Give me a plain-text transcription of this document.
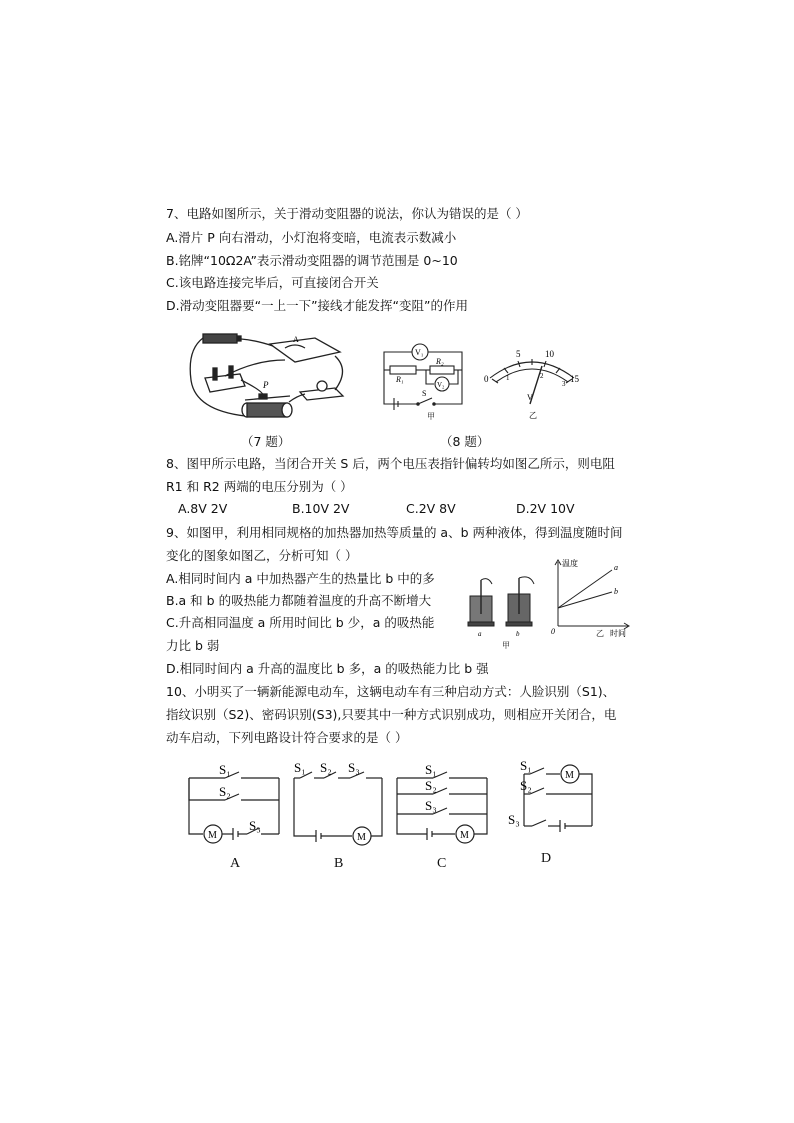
7、电路如图所示，关于滑动变阻器的说法，你认为错误的是（ ）
A.滑片 P 向右滑动，小灯泡将变暗，电流表示数减小
B.铭牌“10Ω2A”表示滑动变阻器的调节范围是 0~10
C.该电路连接完毕后，可直接闭合开关
D.滑动变阻器要“一上一下”接线才能发挥“变阻”的作用
A
P
（7 题）
V₁
R₂
R₁
V₂
S
甲
5	10
0	15
1	2
3
V
乙
（8 题）
8、图甲所示电路，当闭合开关 S 后，两个电压表指针偏转均如图乙所示，则电阻
R1 和 R2 两端的电压分别为（ ）
A.8V 2V	B.10V 2V	C.2V 8V	D.2V 10V
9、如图甲，利用相同规格的加热器加热等质量的 a、b 两种液体，得到温度随时间
变化的图象如图乙，分析可知（ ）
A.相同时间内 a 中加热器产生的热量比 b 中的多
B.a 和 b 的吸热能力都随着温度的升高不断增大
C.升高相同温度 a 所用时间比 b 少，a 的吸热能
力比 b 弱
D.相同时间内 a 升高的温度比 b 多，a 的吸热能力比 b 强
a	b
甲
温度
时间
0
a
b
乙
10、小明买了一辆新能源电动车，这辆电动车有三种启动方式：人脸识别（S1)、
指纹识别（S2)、密码识别(S3),只要其中一种方式识别成功，则相应开关闭合，电
动车启动，下列电路设计符合要求的是（ ）
S₁
S₂
S₃
M
A
S₁ S₂ S₃
M
B
S₁
S₂
S₃
M
C
S₁
S₂
S₃
M
D
